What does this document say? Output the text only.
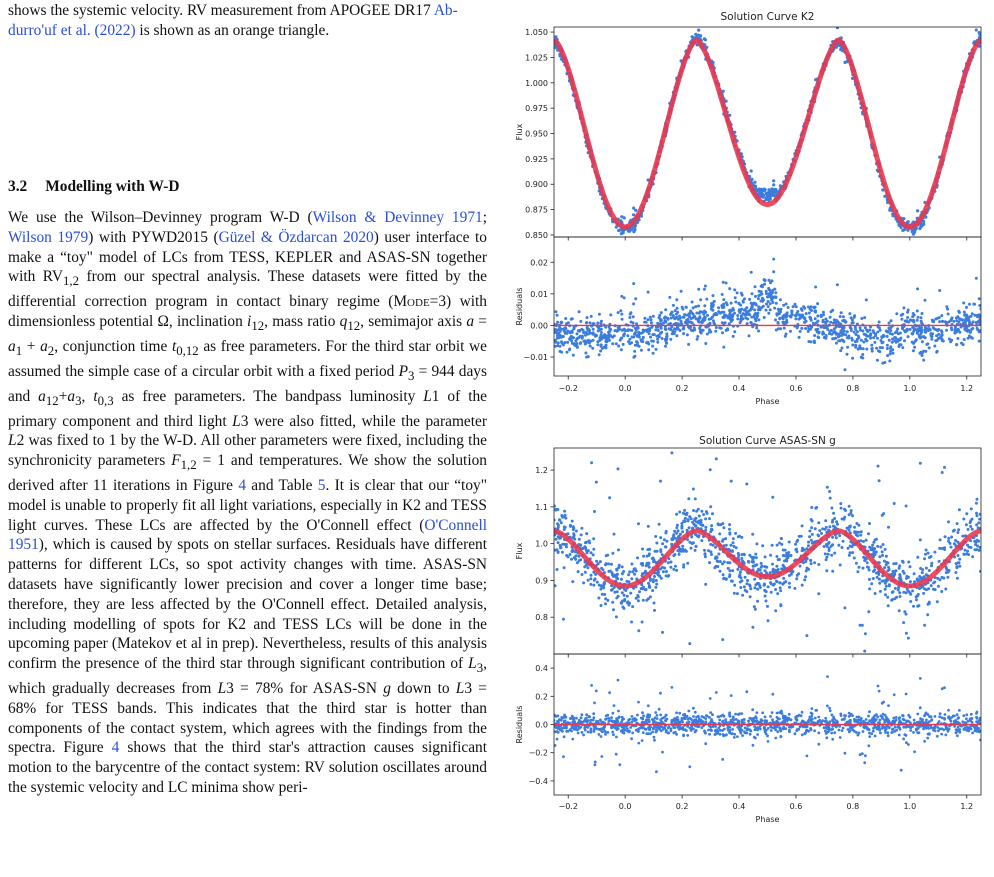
shows the systemic velocity. RV measurement from APOGEE DR17 Ab-
durro'uf et al. (2022) is shown as an orange triangle.
3.2 Modelling with W-D
We use the Wilson–Devinney program W-D (Wilson & Devinney 1971; Wilson 1979) with PYWD2015 (Güzel & Özdarcan 2020) user interface to make a “toy" model of LCs from TESS, KEPLER and ASAS-SN together with $RV_{1,2}$ from our spectral analysis. These datasets were fitted by the differential correction program in contact binary regime (Mode=3) with dimensionless potential Ω, inclination $i_{12}$, mass ratio $q_{12}$, semimajor axis $a = a_1 + a_2$, conjunction time $t_{0,12}$ as free parameters. For the third star orbit we assumed the simple case of a circular orbit with a fixed period $P_3 = 944$ days and $a_{12}+a_3$, $t_{0,3}$ as free parameters. The bandpass luminosity L1 of the primary component and third light L3 were also fitted, while the parameter L2 was fixed to 1 by the W-D. All other parameters were fixed, including the synchronicity parameters $F_{1,2} = 1$ and temperatures. We show the solution derived after 11 iterations in Figure 4 and Table 5. It is clear that our “toy" model is unable to properly fit all light variations, especially in K2 and TESS light curves. These LCs are affected by the O'Connell effect (O'Connell 1951), which is caused by spots on stellar surfaces. Residuals have different patterns for different LCs, so spot activity changes with time. ASAS-SN datasets have significantly lower precision and cover a longer time base; therefore, they are less affected by the O'Connell effect. Detailed analysis, including modelling of spots for K2 and TESS LCs will be done in the upcoming paper (Matekov et al in prep). Nevertheless, results of this analysis confirm the presence of the third star through significant contribution of $L_3$, which gradually decreases from L3 = 78% for ASAS-SN g down to L3 = 68% for TESS bands. This indicates that the third star is hotter than components of the contact system, which agrees with the findings from the spectra. Figure 4 shows that the third star's attraction causes significant motion to the barycentre of the contact system: RV solution oscillates around the systemic velocity and LC minima show peri-
Solution Curve K2
0.850
0.875
0.900
0.925
0.950
0.975
1.000
1.025
1.050
Flux
−0.01
0.00
0.01
0.02
Residuals
−0.2	0.0	0.2	0.4	0.6	0.8	1.0	1.2
Phase
Solution Curve ASAS-SN g
0.8
0.9
1.0
1.1
1.2
Flux
−0.4
−0.2
0.0
0.2
0.4
Residuals
−0.2	0.0	0.2	0.4	0.6	0.8	1.0	1.2
Phase
